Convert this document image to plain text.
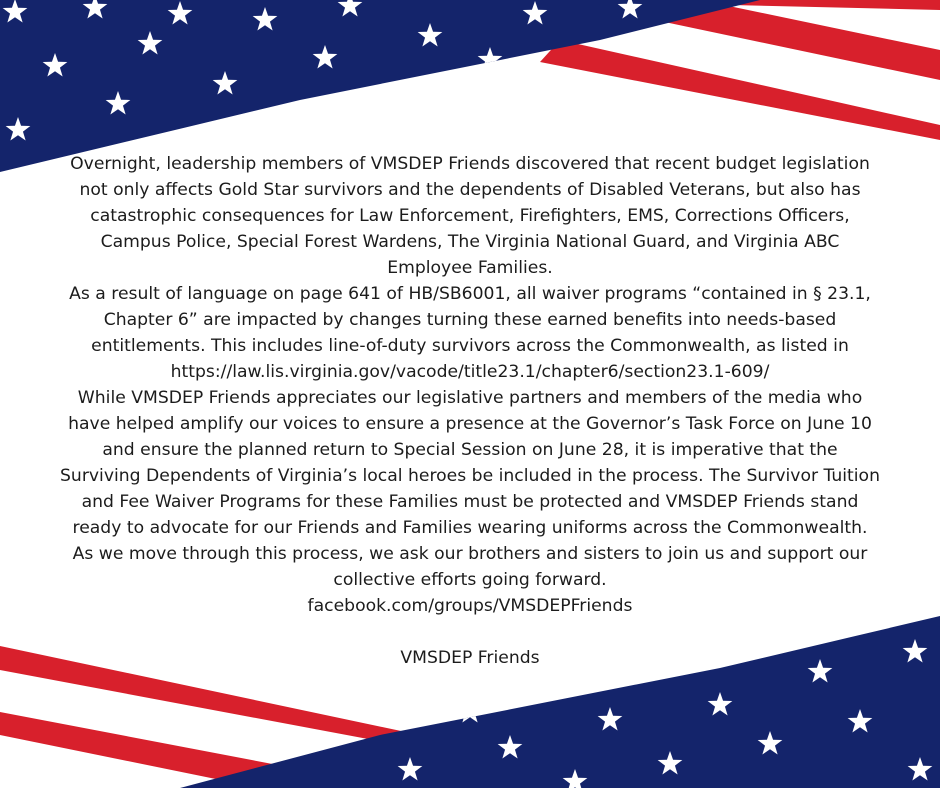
Overnight, leadership members of VMSDEP Friends discovered that recent budget legislation not only affects Gold Star survivors and the dependents of Disabled Veterans, but also has catastrophic consequences for Law Enforcement, Firefighters, EMS, Corrections Officers, Campus Police, Special Forest Wardens, The Virginia National Guard, and Virginia ABC Employee Families.

As a result of language on page 641 of HB/SB6001, all waiver programs “contained in § 23.1, Chapter 6” are impacted by changes turning these earned benefits into needs-based entitlements. This includes line-of-duty survivors across the Commonwealth, as listed in https://law.lis.virginia.gov/vacode/title23.1/chapter6/section23.1-609/

While VMSDEP Friends appreciates our legislative partners and members of the media who have helped amplify our voices to ensure a presence at the Governor’s Task Force on June 10 and ensure the planned return to Special Session on June 28, it is imperative that the Surviving Dependents of Virginia’s local heroes be included in the process. The Survivor Tuition and Fee Waiver Programs for these Families must be protected and VMSDEP Friends stand ready to advocate for our Friends and Families wearing uniforms across the Commonwealth.

As we move through this process, we ask our brothers and sisters to join us and support our collective efforts going forward.

facebook.com/groups/VMSDEPFriends

VMSDEP Friends
